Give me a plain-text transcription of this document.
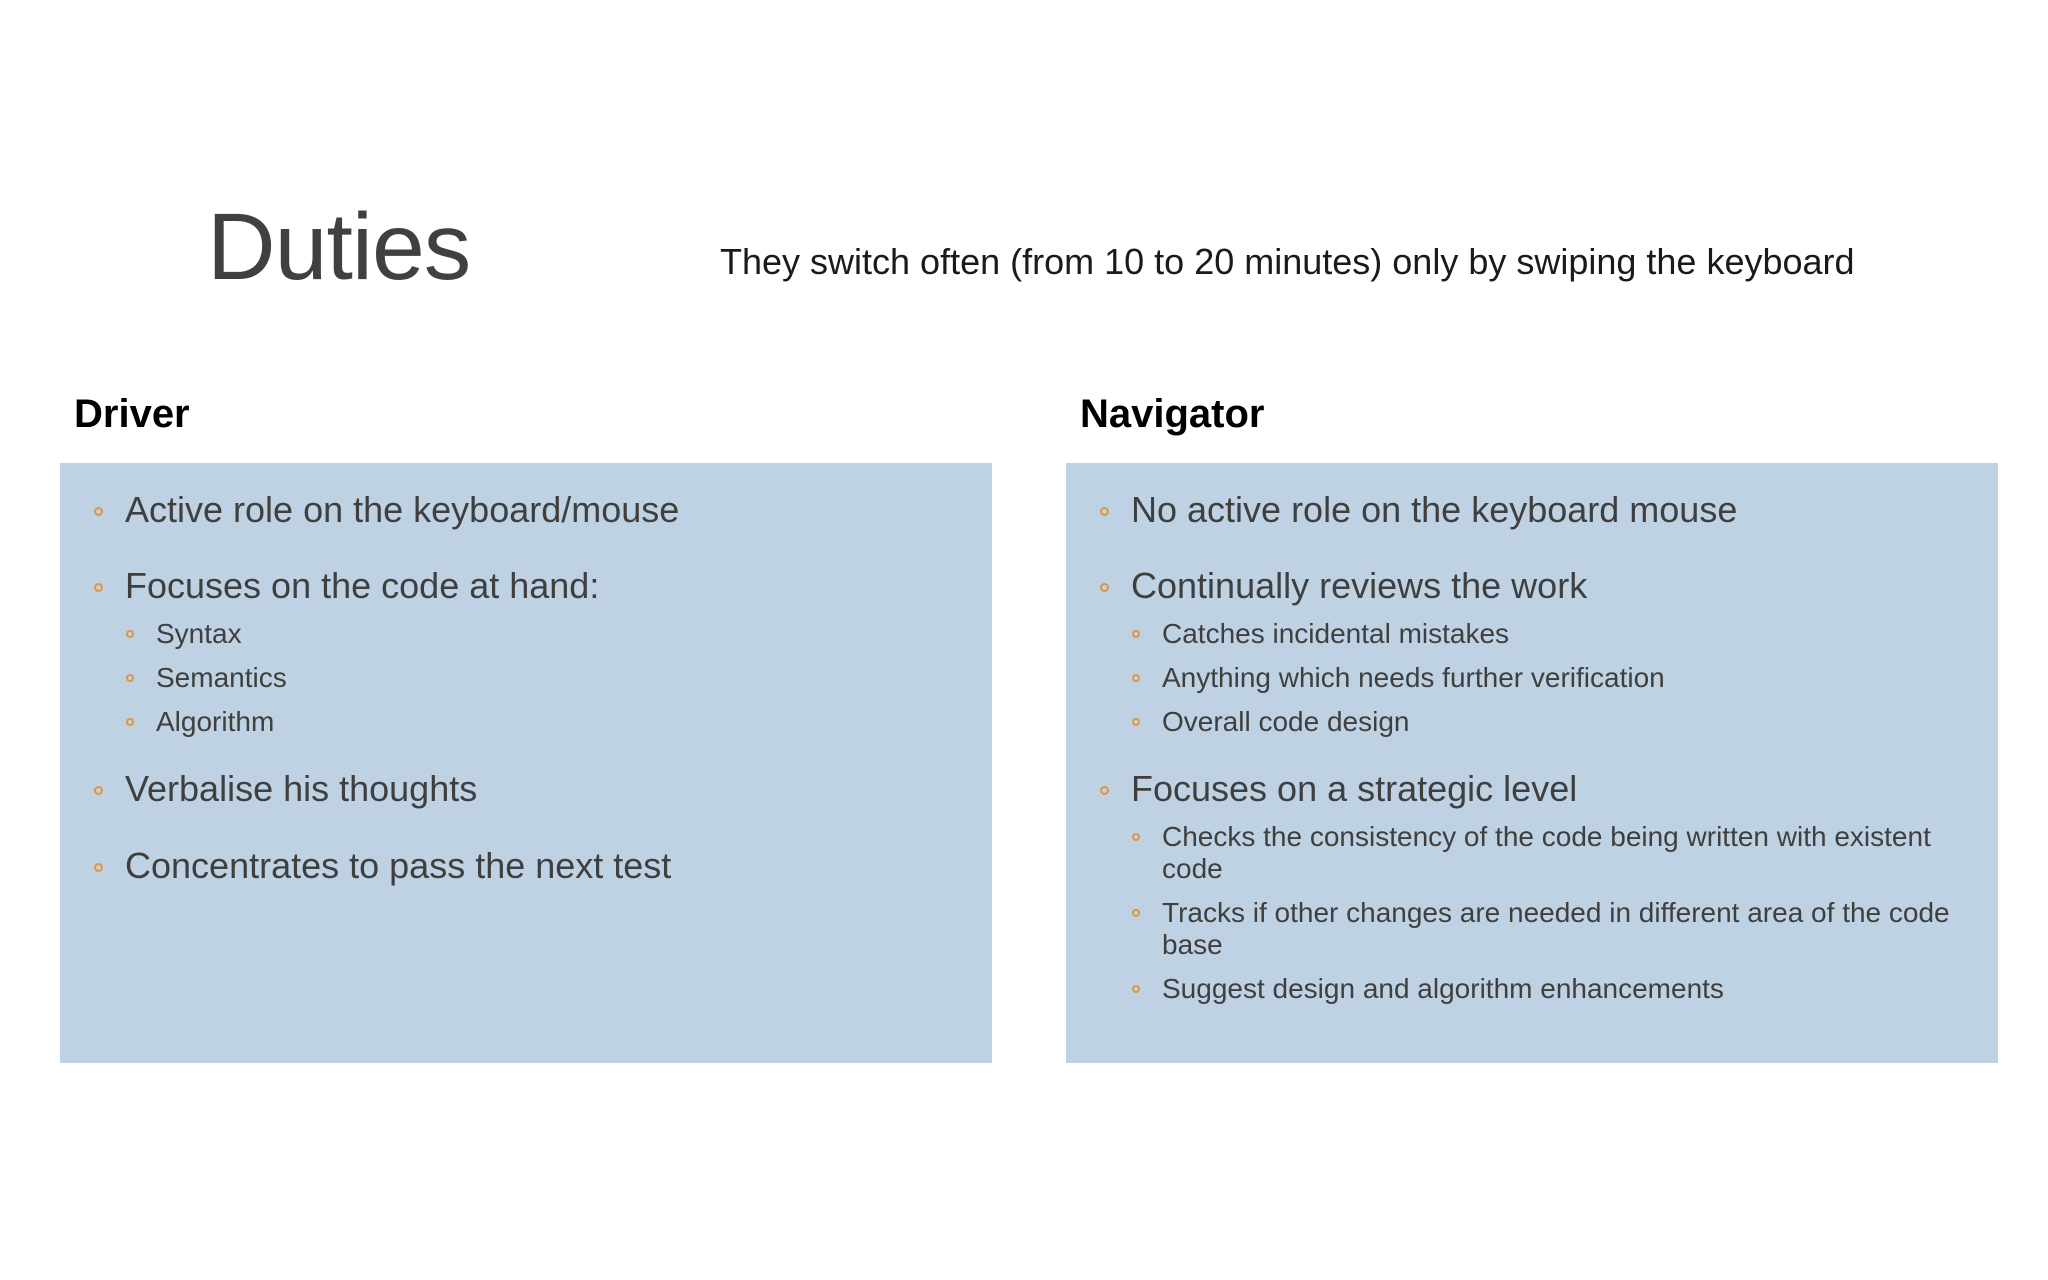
Duties	They switch often (from 10 to 20 minutes) only by swiping the keyboard
Driver	Navigator
Active role on the keyboard/mouse
Focuses on the code at hand:
Syntax
Semantics
Algorithm
Verbalise his thoughts
Concentrates to pass the next test
No active role on the keyboard mouse
Continually reviews the work
Catches incidental mistakes
Anything which needs further verification
Overall code design
Focuses on a strategic level
Checks the consistency of the code being written with existent code
Tracks if other changes are needed in different area of the code base
Suggest design and algorithm enhancements
